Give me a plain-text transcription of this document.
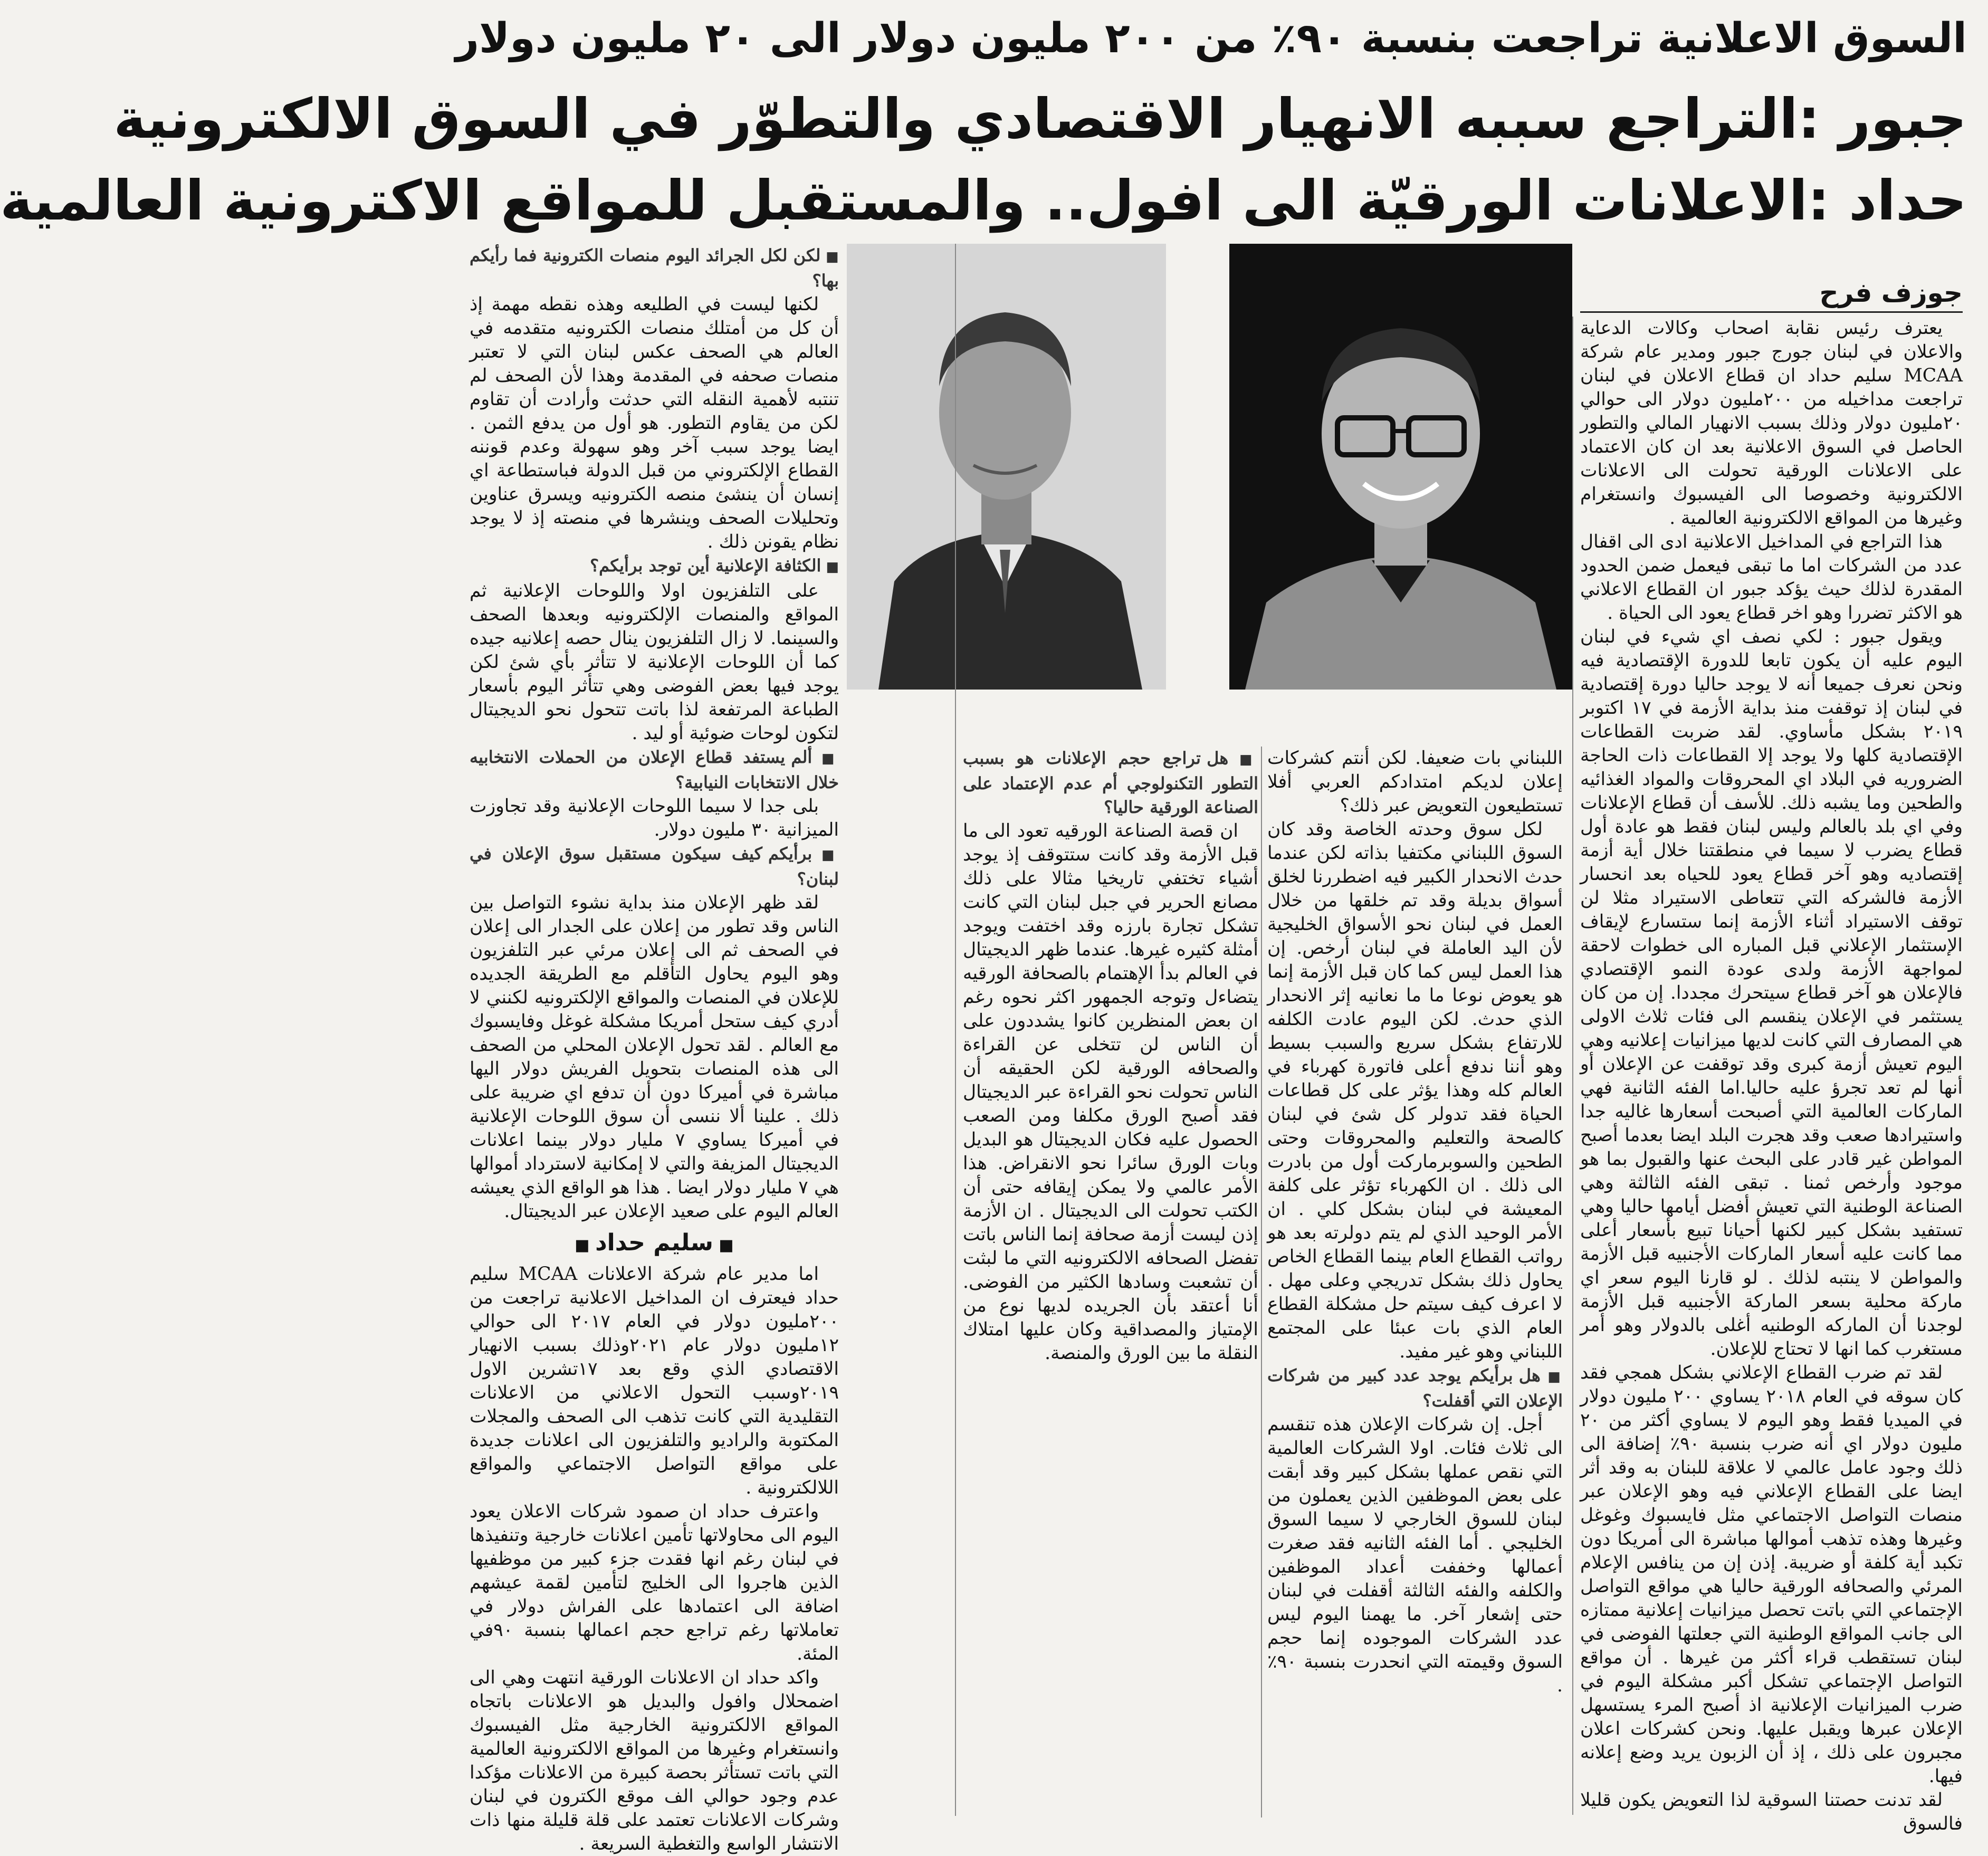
السوق الاعلانية تراجعت بنسبة ٩٠٪ من ٢٠٠ مليون دولار الى ٢٠ مليون دولار
جبور :التراجع سببه الانهيار الاقتصادي والتطوّر في السوق الالكترونية
حداد :الاعلانات الورقيّة الى افول.. والمستقبل للمواقع الاكترونية العالمية
جوزف فرح

يعترف رئيس نقابة اصحاب وكالات الدعاية والاعلان في لبنان جورج جبور ومدير عام شركة MCAA سليم حداد ان قطاع الاعلان في لبنان تراجعت مداخيله من ٢٠٠مليون دولار الى حوالي ٢٠مليون دولار وذلك بسبب الانهيار المالي والتطور الحاصل في السوق الاعلانية بعد ان كان الاعتماد على الاعلانات الورقية تحولت الى الاعلانات الالكترونية وخصوصا الى الفيسبوك وانستغرام وغيرها من المواقع الالكترونية العالمية .

هذا التراجع في المداخيل الاعلانية ادى الى اقفال عدد من الشركات اما ما تبقى فيعمل ضمن الحدود المقدرة لذلك حيث يؤكد جبور ان القطاع الاعلاني هو الاكثر تضررا وهو اخر قطاع يعود الى الحياة .

ويقول جبور : لكي نصف اي شيء في لبنان اليوم عليه أن يكون تابعا للدورة الإقتصادية فيه ونحن نعرف جميعا أنه لا يوجد حاليا دورة إقتصادية في لبنان إذ توقفت منذ بداية الأزمة في ١٧ اكتوبر ٢٠١٩ بشكل مأساوي. لقد ضربت القطاعات الإقتصادية كلها ولا يوجد إلا القطاعات ذات الحاجة الضروريه في البلاد اي المحروقات والمواد الغذائيه والطحين وما يشبه ذلك. للأسف أن قطاع الإعلانات وفي اي بلد بالعالم وليس لبنان فقط هو عادة أول قطاع يضرب لا سيما في منطقتنا خلال أية أزمة إقتصاديه وهو آخر قطاع يعود للحياه بعد انحسار الأزمة فالشركه التي تتعاطى الاستيراد مثلا لن توقف الاستيراد أثناء الأزمة إنما ستسارع لإيقاف الإستثمار الإعلاني قبل المباره الى خطوات لاحقة لمواجهة الأزمة ولدى عودة النمو الإقتصادي فالإعلان هو آخر قطاع سيتحرك مجددا. إن من كان يستثمر في الإعلان ينقسم الى فئات ثلاث الاولى هي المصارف التي كانت لديها ميزانيات إعلانيه وهي اليوم تعيش أزمة كبرى وقد توقفت عن الإعلان أو أنها لم تعد تجرؤ عليه حاليا.اما الفئه الثانية فهي الماركات العالمية التي أصبحت أسعارها غاليه جدا واستيرادها صعب وقد هجرت البلد ايضا بعدما أصبح المواطن غير قادر على البحث عنها والقبول بما هو موجود وأرخص ثمنا . تبقى الفئه الثالثة وهي الصناعة الوطنية التي تعيش أفضل أيامها حاليا وهي تستفيد بشكل كبير لكنها أحيانا تبيع بأسعار أعلى مما كانت عليه أسعار الماركات الأجنبيه قبل الأزمة والمواطن لا ينتبه لذلك . لو قارنا اليوم سعر اي ماركة محلية بسعر الماركة الأجنبيه قبل الأزمة لوجدنا أن الماركه الوطنيه أغلى بالدولار وهو أمر مستغرب كما انها لا تحتاج للإعلان.

لقد تم ضرب القطاع الإعلاني بشكل همجي فقد كان سوقه في العام ٢٠١٨ يساوي ٢٠٠ مليون دولار في الميديا فقط وهو اليوم لا يساوي أكثر من ٢٠ مليون دولار اي أنه ضرب بنسبة ٩٠٪ إضافة الى ذلك وجود عامل عالمي لا علاقة للبنان به وقد أثر ايضا على القطاع الإعلاني فيه وهو الإعلان عبر منصات التواصل الاجتماعي مثل فايسبوك وغوغل وغيرها وهذه تذهب أموالها مباشرة الى أمريكا دون تكبد أية كلفة أو ضريبة. إذن إن من ينافس الإعلام المرئي والصحافه الورقية حاليا هي مواقع التواصل الإجتماعي التي باتت تحصل ميزانيات إعلانية ممتازه الى جانب المواقع الوطنية التي جعلتها الفوضى في لبنان تستقطب قراء أكثر من غيرها . أن مواقع التواصل الإجتماعي تشكل أكبر مشكلة اليوم في ضرب الميزانيات الإعلانية اذ أصبح المرء يستسهل الإعلان عبرها ويقبل عليها. ونحن كشركات اعلان مجبرون على ذلك ، إذ أن الزبون يريد وضع إعلانه فيها.

لقد تدنت حصتنا السوقية لذا التعويض يكون قليلا فالسوق

اللبناني بات ضعيفا. لكن أنتم كشركات إعلان لديكم امتدادكم العربي أفلا تستطيعون التعويض عبر ذلك؟

لكل سوق وحدته الخاصة وقد كان السوق اللبناني مكتفيا بذاته لكن عندما حدث الانحدار الكبير فيه اضطررنا لخلق أسواق بديلة وقد تم خلقها من خلال العمل في لبنان نحو الأسواق الخليجية لأن اليد العاملة في لبنان أرخص. إن هذا العمل ليس كما كان قبل الأزمة إنما هو يعوض نوعا ما ما نعانيه إثر الانحدار الذي حدث. لكن اليوم عادت الكلفه للارتفاع بشكل سريع والسبب بسيط وهو أننا ندفع أعلى فاتورة كهرباء في العالم كله وهذا يؤثر على كل قطاعات الحياة فقد تدولر كل شئ في لبنان كالصحة والتعليم والمحروقات وحتى الطحين والسوبرماركت أول من بادرت الى ذلك . ان الكهرباء تؤثر على كلفة المعيشة في لبنان بشكل كلي . ان الأمر الوحيد الذي لم يتم دولرته بعد هو رواتب القطاع العام بينما القطاع الخاص يحاول ذلك بشكل تدريجي وعلى مهل . لا اعرف كيف سيتم حل مشكلة القطاع العام الذي بات عبئا على المجتمع اللبناني وهو غير مفيد.

■ هل برأيكم يوجد عدد كبير من شركات الإعلان التي أقفلت؟

أجل. إن شركات الإعلان هذه تنقسم الى ثلاث فئات. اولا الشركات العالمية التي نقص عملها بشكل كبير وقد أبقت على بعض الموظفين الذين يعملون من لبنان للسوق الخارجي لا سيما السوق الخليجي . أما الفئه الثانيه فقد صغرت أعمالها وخففت أعداد الموظفين والكلفه والفئه الثالثة أقفلت في لبنان حتى إشعار آخر. ما يهمنا اليوم ليس عدد الشركات الموجوده إنما حجم السوق وقيمته التي انحدرت بنسبة ٩٠٪ .

■ هل تراجع حجم الإعلانات هو بسبب التطور التكنولوجي أم عدم الإعتماد على الصناعة الورقية حاليا؟

ان قصة الصناعة الورقيه تعود الى ما قبل الأزمة وقد كانت ستتوقف إذ يوجد أشياء تختفي تاريخيا مثالا على ذلك مصانع الحرير في جبل لبنان التي كانت تشكل تجارة بارزه وقد اختفت ويوجد أمثلة كثيره غيرها. عندما ظهر الديجيتال في العالم بدأ الإهتمام بالصحافة الورقيه يتضاءل وتوجه الجمهور اكثر نحوه رغم ان بعض المنظرين كانوا يشددون على أن الناس لن تتخلى عن القراءة والصحافه الورقية لكن الحقيقه أن الناس تحولت نحو القراءة عبر الديجيتال فقد أصبح الورق مكلفا ومن الصعب الحصول عليه فكان الديجيتال هو البديل وبات الورق سائرا نحو الانقراض. هذا الأمر عالمي ولا يمكن إيقافه حتى أن الكتب تحولت الى الديجيتال . ان الأزمة إذن ليست أزمة صحافة إنما الناس باتت تفضل الصحافه الالكترونيه التي ما لبثت أن تشعبت وسادها الكثير من الفوضى. أنا أعتقد بأن الجريده لديها نوع من الإمتياز والمصداقية وكان عليها امتلاك النقلة ما بين الورق والمنصة.

■ لكن لكل الجرائد اليوم منصات الكترونية فما رأيكم بها؟

لكنها ليست في الطليعه وهذه نقطه مهمة إذ أن كل من أمتلك منصات الكترونيه متقدمه في العالم هي الصحف عكس لبنان التي لا تعتبر منصات صحفه في المقدمة وهذا لأن الصحف لم تنتبه لأهمية النقله التي حدثت وأرادت أن تقاوم لكن من يقاوم التطور. هو أول من يدفع الثمن . ايضا يوجد سبب آخر وهو سهولة وعدم قوننه القطاع الإلكتروني من قبل الدولة فباستطاعة اي إنسان أن ينشئ منصه الكترونيه ويسرق عناوين وتحليلات الصحف وينشرها في منصته إذ لا يوجد نظام يقونن ذلك .

■ الكثافة الإعلانية أين توجد برأيكم؟

على التلفزيون اولا واللوحات الإعلانية ثم المواقع والمنصات الإلكترونيه وبعدها الصحف والسينما. لا زال التلفزيون ينال حصه إعلانيه جيده كما أن اللوحات الإعلانية لا تتأثر بأي شئ لكن يوجد فيها بعض الفوضى وهي تتأثر اليوم بأسعار الطباعة المرتفعة لذا باتت تتحول نحو الديجيتال لتكون لوحات ضوئية أو ليد .

■ ألم يستفد قطاع الإعلان من الحملات الانتخابيه خلال الانتخابات النيابية؟

بلى جدا لا سيما اللوحات الإعلانية وقد تجاوزت الميزانية ٣٠ مليون دولار.

■ برأيكم كيف سيكون مستقبل سوق الإعلان في لبنان؟

لقد ظهر الإعلان منذ بداية نشوء التواصل بين الناس وقد تطور من إعلان على الجدار الى إعلان في الصحف ثم الى إعلان مرئي عبر التلفزيون وهو اليوم يحاول التأقلم مع الطريقة الجديده للإعلان في المنصات والمواقع الإلكترونيه لكنني لا أدري كيف ستحل أمريكا مشكلة غوغل وفايسبوك مع العالم . لقد تحول الإعلان المحلي من الصحف الى هذه المنصات بتحويل الفريش دولار اليها مباشرة في أميركا دون أن تدفع اي ضريبة على ذلك . علينا ألا ننسى أن سوق اللوحات الإعلانية في أميركا يساوي ٧ مليار دولار بينما اعلانات الديجيتال المزيفة والتي لا إمكانية لاسترداد أموالها هي ٧ مليار دولار ايضا . هذا هو الواقع الذي يعيشه العالم اليوم على صعيد الإعلان عبر الديجيتال.

■ سليم حداد ■

اما مدير عام شركة الاعلانات MCAA سليم حداد فيعترف ان المداخيل الاعلانية تراجعت من ٢٠٠مليون دولار في العام ٢٠١٧ الى حوالي ١٢مليون دولار عام ٢٠٢١وذلك بسبب الانهيار الاقتصادي الذي وقع بعد ١٧تشرين الاول ٢٠١٩وسبب التحول الاعلاني من الاعلانات التقليدية التي كانت تذهب الى الصحف والمجلات المكتوبة والراديو والتلفزيون الى اعلانات جديدة على مواقع التواصل الاجتماعي والمواقع اللالكترونية .

واعترف حداد ان صمود شركات الاعلان يعود اليوم الى محاولاتها تأمين اعلانات خارجية وتنفيذها في لبنان رغم انها فقدت جزء كبير من موظفيها الذين هاجروا الى الخليج لتأمين لقمة عيشهم اضافة الى اعتمادها على الفراش دولار في تعاملاتها رغم تراجع حجم اعمالها بنسبة ٩٠في المئة.

واكد حداد ان الاعلانات الورقية انتهت وهي الى اضمحلال وافول والبديل هو الاعلانات باتجاه المواقع الالكترونية الخارجية مثل الفيسبوك وانستغرام وغيرها من المواقع الالكترونية العالمية التي باتت تستأثر بحصة كبيرة من الاعلانات مؤكدا عدم وجود حوالي الف موقع الكترون في لبنان وشركات الاعلانات تعتمد على قلة قليلة منها ذات الانتشار الواسع والتغطية السريعة .
